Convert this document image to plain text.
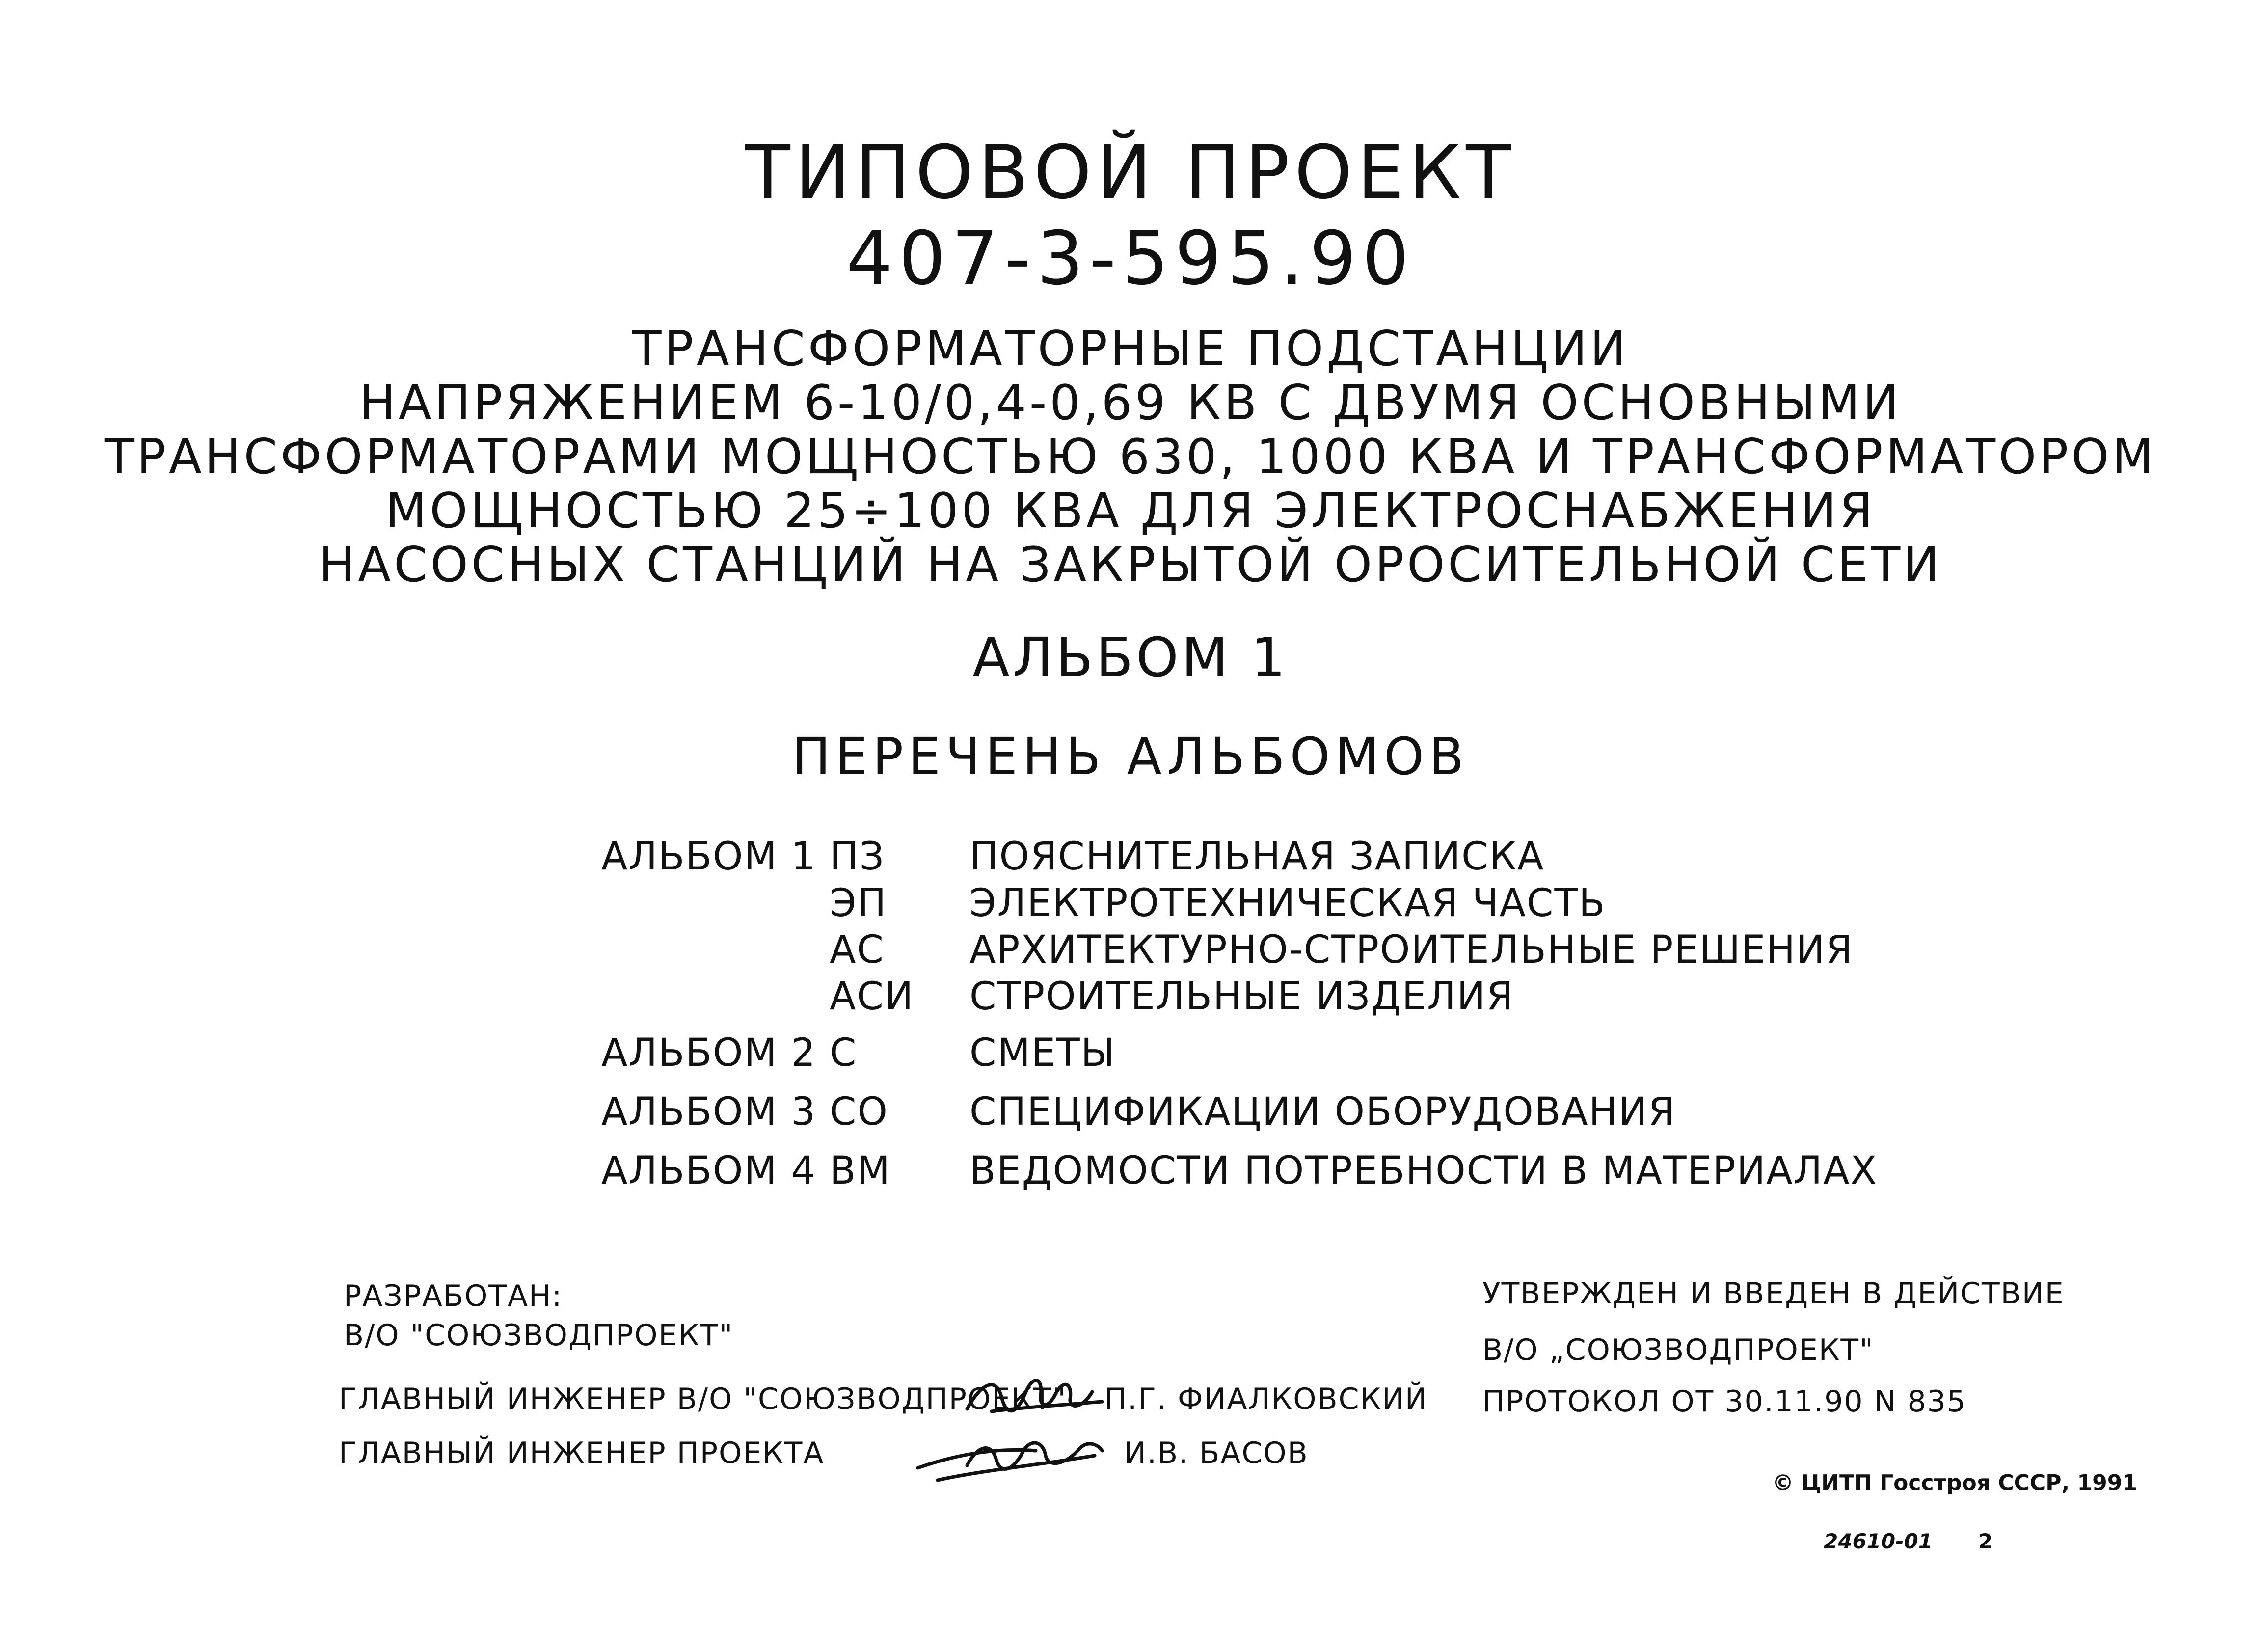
ТИПОВОЙ ПРОЕКТ
407-3-595.90
ТРАНСФОРМАТОРНЫЕ ПОДСТАНЦИИ
НАПРЯЖЕНИЕМ 6-10/0,4-0,69 КВ С ДВУМЯ ОСНОВНЫМИ
ТРАНСФОРМАТОРАМИ МОЩНОСТЬЮ 630, 1000 КВА И ТРАНСФОРМАТОРОМ
МОЩНОСТЬЮ 25÷100 КВА ДЛЯ ЭЛЕКТРОСНАБЖЕНИЯ
НАСОСНЫХ СТАНЦИЙ НА ЗАКРЫТОЙ ОРОСИТЕЛЬНОЙ СЕТИ
АЛЬБОМ 1
ПЕРЕЧЕНЬ АЛЬБОМОВ
АЛЬБОМ 1 ПЗ ПОЯСНИТЕЛЬНАЯ ЗАПИСКА
ЭП ЭЛЕКТРОТЕХНИЧЕСКАЯ ЧАСТЬ
АС АРХИТЕКТУРНО-СТРОИТЕЛЬНЫЕ РЕШЕНИЯ
АСИ СТРОИТЕЛЬНЫЕ ИЗДЕЛИЯ
АЛЬБОМ 2 С	СМЕТЫ
АЛЬБОМ 3 СО СПЕЦИФИКАЦИИ ОБОРУДОВАНИЯ
АЛЬБОМ 4 ВМ ВЕДОМОСТИ ПОТРЕБНОСТИ В МАТЕРИАЛАХ
РАЗРАБОТАН:
В/О "СОЮЗВОДПРОЕКТ"
ГЛАВНЫЙ ИНЖЕНЕР В/О "СОЮЗВОДПРОЕКТ" П.Г. ФИАЛКОВСКИЙ
ГЛАВНЫЙ ИНЖЕНЕР ПРОЕКТА	И.В. БАСОВ
УТВЕРЖДЕН И ВВЕДЕН В ДЕЙСТВИЕ
В/О „СОЮЗВОДПРОЕКТ"
ПРОТОКОЛ ОТ 30.11.90 N 835
© ЦИТП Госстроя СССР, 1991
24610-01 2
